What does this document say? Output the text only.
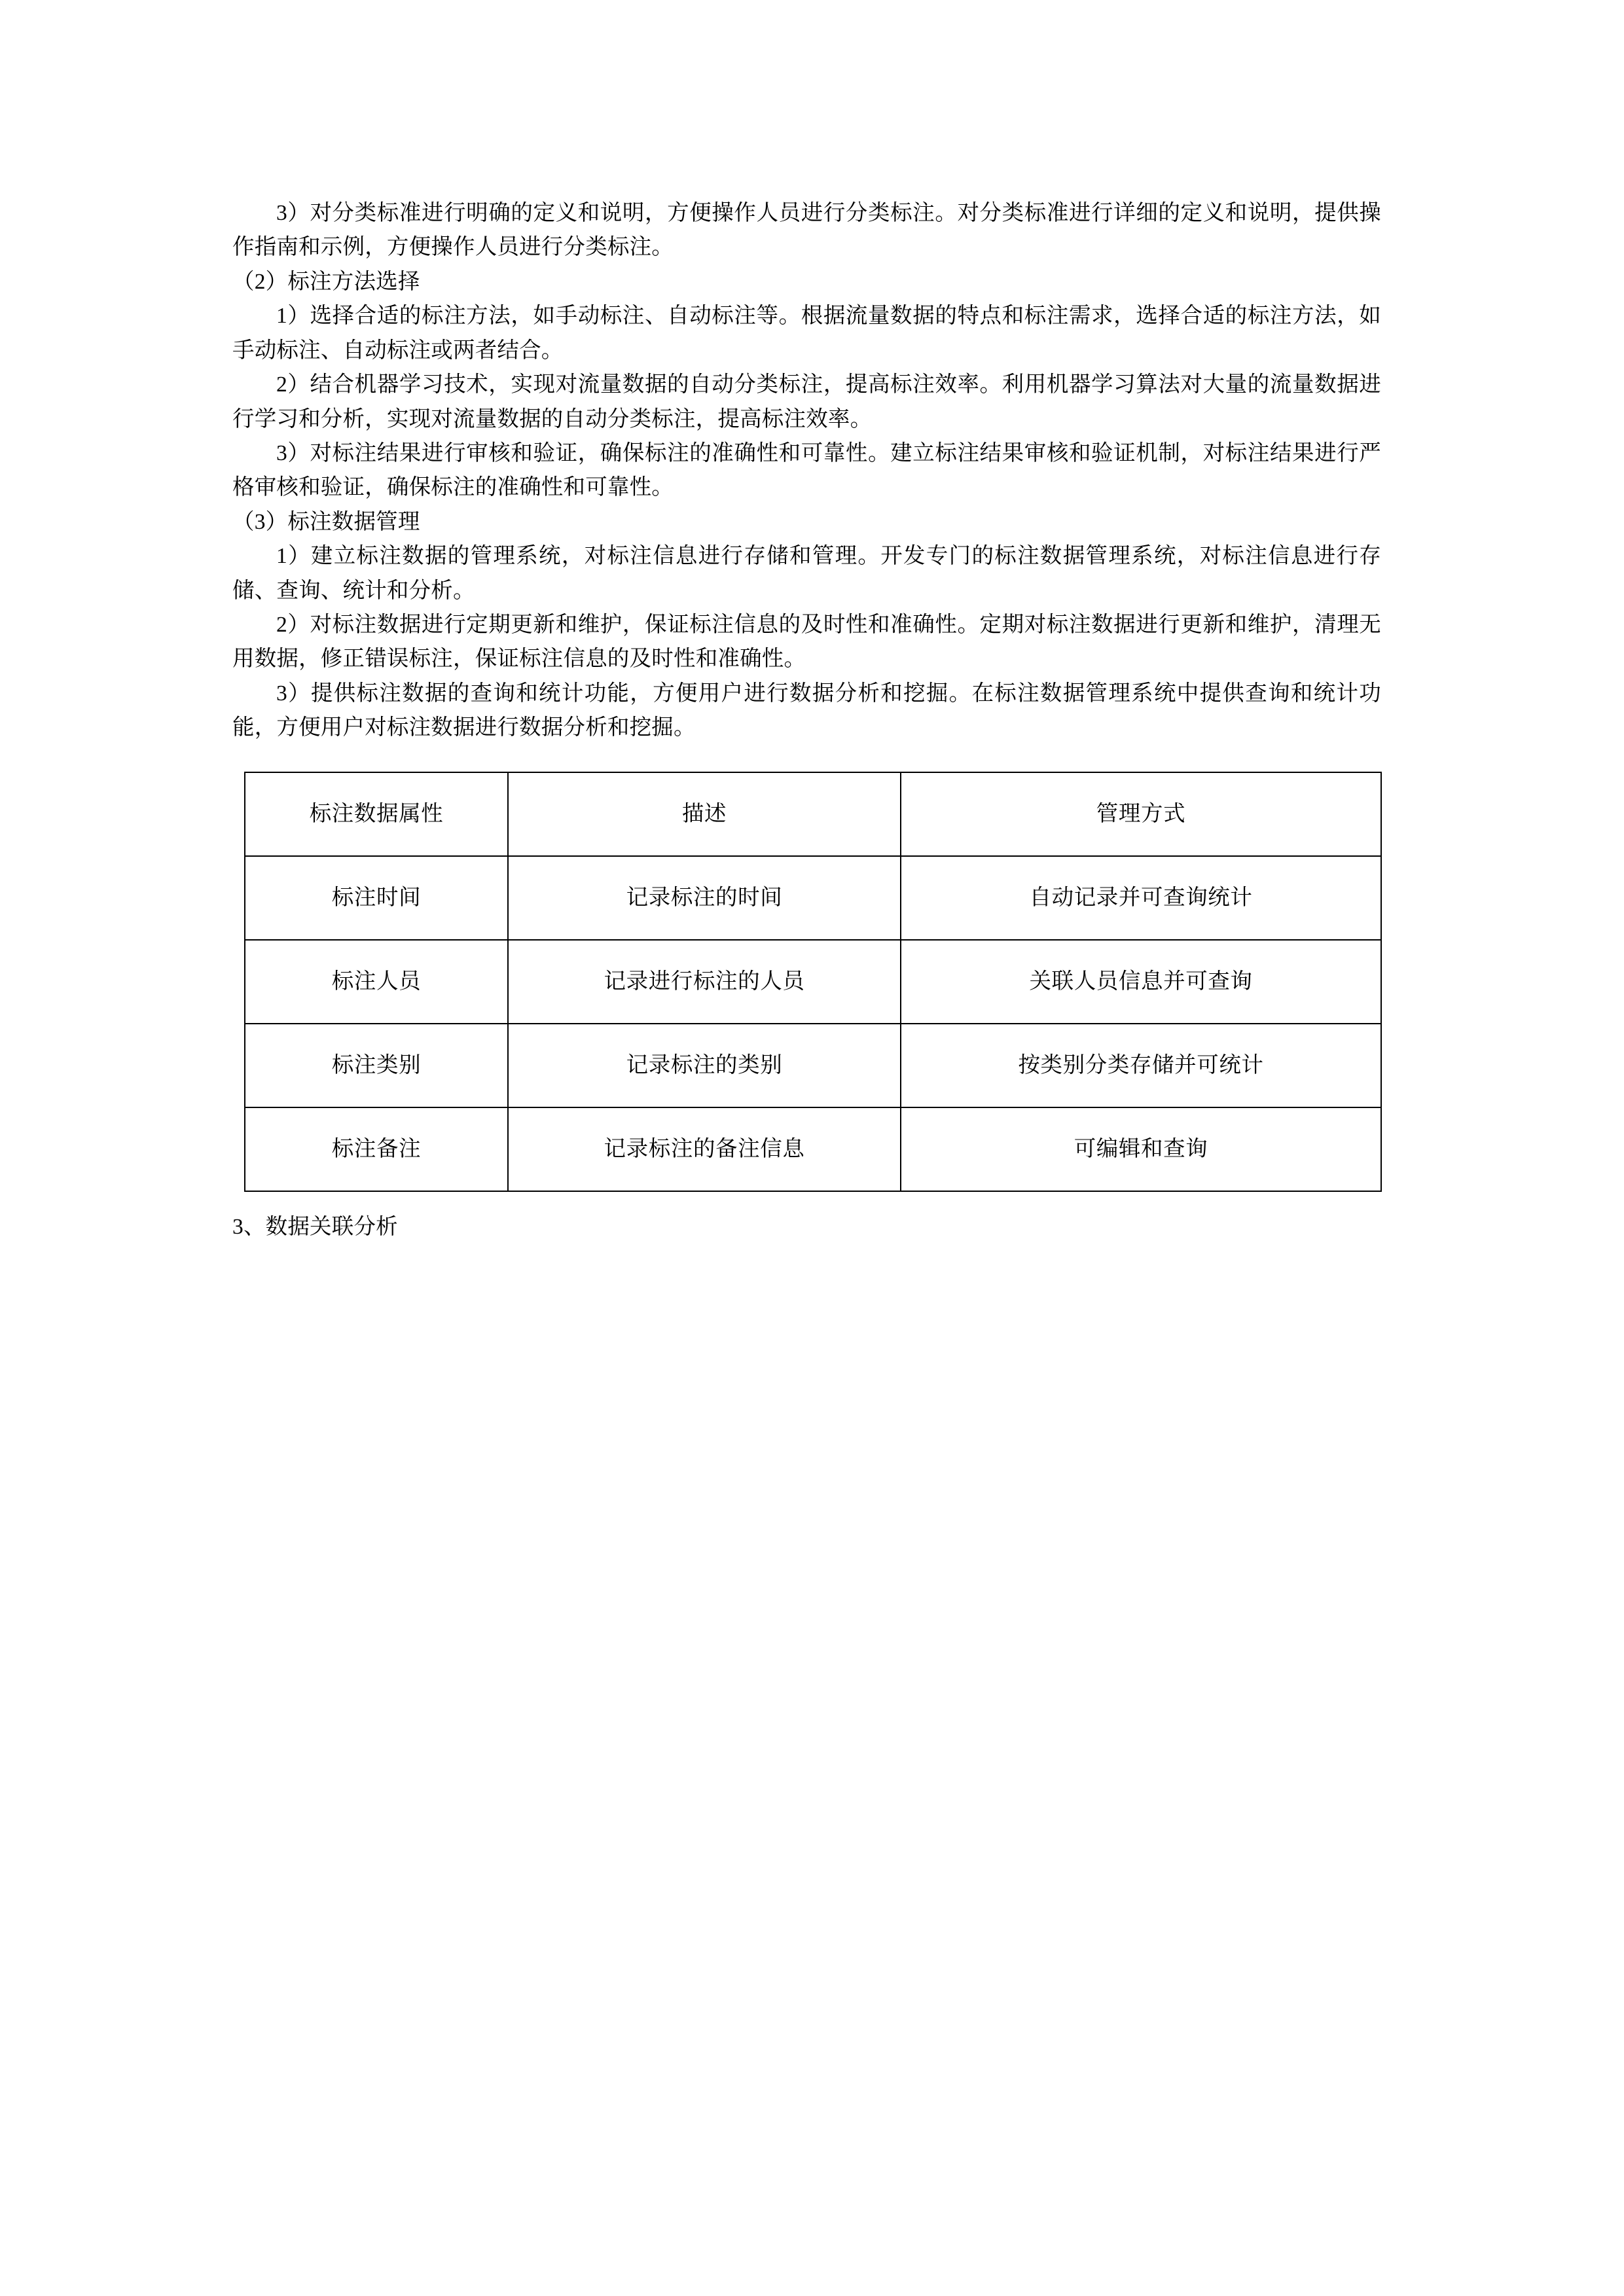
3）对分类标准进行明确的定义和说明，方便操作人员进行分类标注。对分类标准进行详细的定义和说明，提供操作指南和示例，方便操作人员进行分类标注。

（2）标注方法选择

1）选择合适的标注方法，如手动标注、自动标注等。根据流量数据的特点和标注需求，选择合适的标注方法，如手动标注、自动标注或两者结合。

2）结合机器学习技术，实现对流量数据的自动分类标注，提高标注效率。利用机器学习算法对大量的流量数据进行学习和分析，实现对流量数据的自动分类标注，提高标注效率。

3）对标注结果进行审核和验证，确保标注的准确性和可靠性。建立标注结果审核和验证机制，对标注结果进行严格审核和验证，确保标注的准确性和可靠性。

（3）标注数据管理

1）建立标注数据的管理系统，对标注信息进行存储和管理。开发专门的标注数据管理系统，对标注信息进行存储、查询、统计和分析。

2）对标注数据进行定期更新和维护，保证标注信息的及时性和准确性。定期对标注数据进行更新和维护，清理无用数据，修正错误标注，保证标注信息的及时性和准确性。

3）提供标注数据的查询和统计功能，方便用户进行数据分析和挖掘。在标注数据管理系统中提供查询和统计功能，方便用户对标注数据进行数据分析和挖掘。

标注数据属性	描述	管理方式
标注时间	记录标注的时间	自动记录并可查询统计
标注人员	记录进行标注的人员	关联人员信息并可查询
标注类别	记录标注的类别	按类别分类存储并可统计
标注备注	记录标注的备注信息	可编辑和查询

3、数据关联分析
